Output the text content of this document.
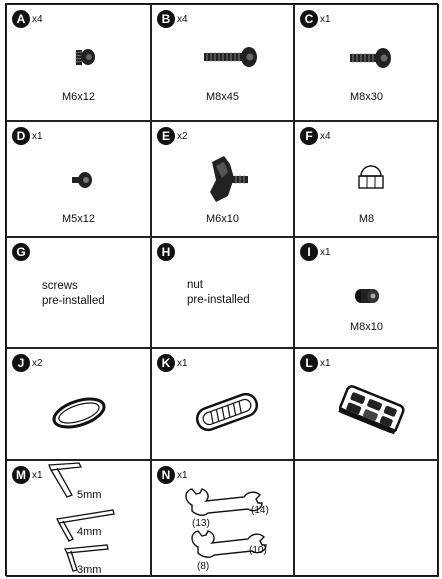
A x4
M6x12
B x4
M8x45
C x1
M8x30
D x1
M5x12
E x2
M6x10
F x4
M8
G
screws
pre-installed
H
nut
pre-installed
I x1
M8x10
J x2	K x1	L x1
M x1
5mm
4mm
3mm
N x1
(13)
(14)
(8)
(10)
